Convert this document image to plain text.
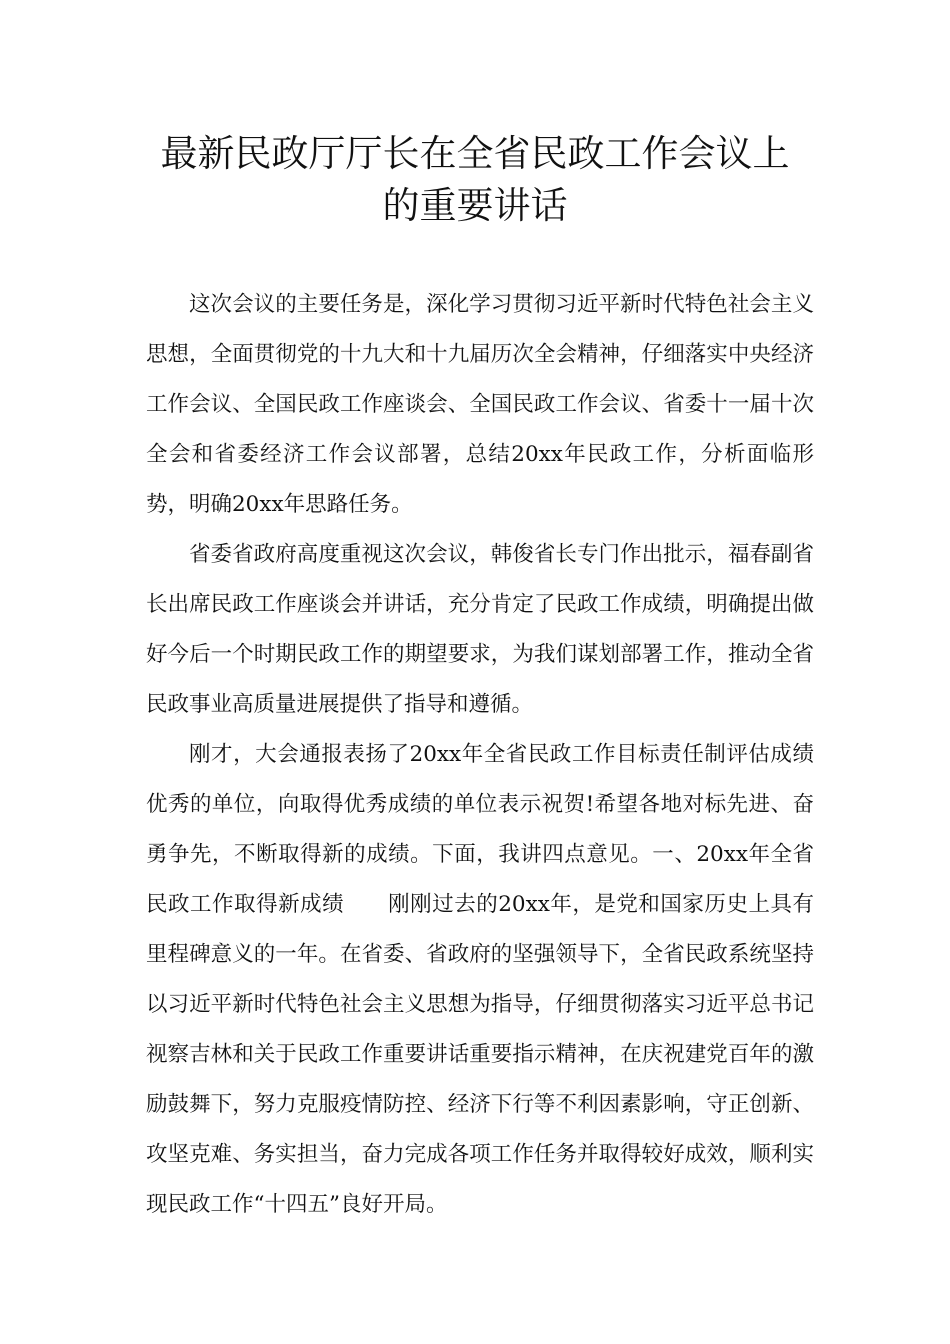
最新民政厅厅长在全省民政工作会议上
的重要讲话

这次会议的主要任务是，深化学习贯彻习近平新时代特色社会主义思想，全面贯彻党的十九大和十九届历次全会精神，仔细落实中央经济工作会议、全国民政工作座谈会、全国民政工作会议、省委十一届十次全会和省委经济工作会议部署，总结20xx年民政工作，分析面临形势，明确20xx年思路任务。

省委省政府高度重视这次会议，韩俊省长专门作出批示，福春副省长出席民政工作座谈会并讲话，充分肯定了民政工作成绩，明确提出做好今后一个时期民政工作的期望要求，为我们谋划部署工作，推动全省民政事业高质量进展提供了指导和遵循。

刚才，大会通报表扬了20xx年全省民政工作目标责任制评估成绩优秀的单位，向取得优秀成绩的单位表示祝贺!希望各地对标先进、奋勇争先，不断取得新的成绩。下面，我讲四点意见。一、20xx年全省民政工作取得新成绩　　刚刚过去的20xx年，是党和国家历史上具有里程碑意义的一年。在省委、省政府的坚强领导下，全省民政系统坚持以习近平新时代特色社会主义思想为指导，仔细贯彻落实习近平总书记视察吉林和关于民政工作重要讲话重要指示精神，在庆祝建党百年的激励鼓舞下，努力克服疫情防控、经济下行等不利因素影响，守正创新、攻坚克难、务实担当，奋力完成各项工作任务并取得较好成效，顺利实现民政工作“十四五”良好开局。
